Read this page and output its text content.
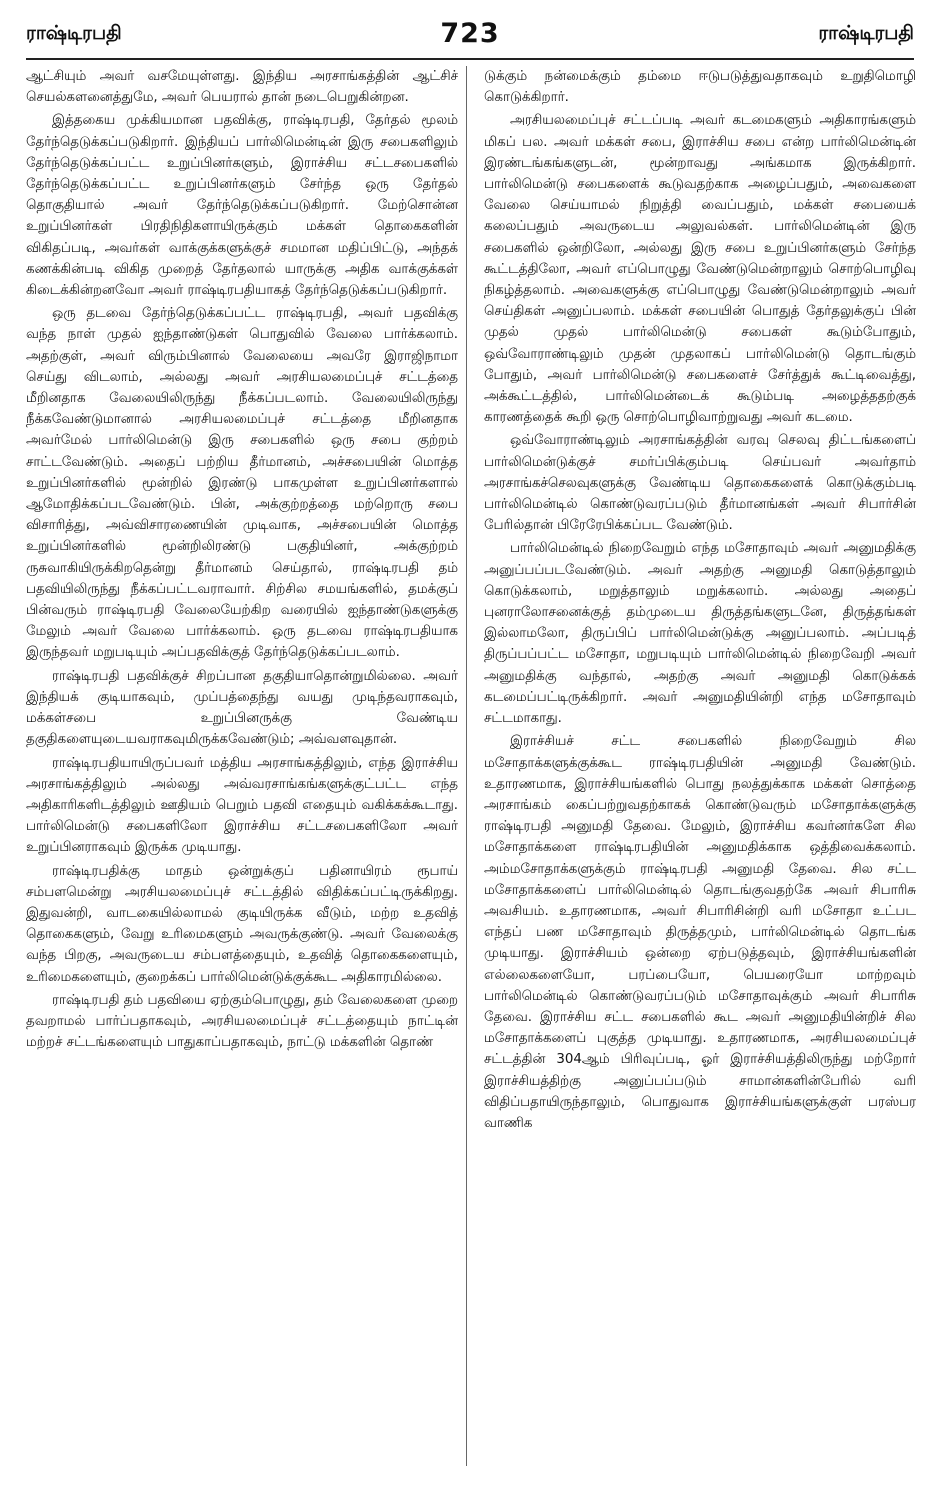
ராஷ்டிரபதி	723	ராஷ்டிரபதி

ஆட்சியும் அவர் வசமேயுள்ளது. இந்திய அரசாங்கத்தின் ஆட்சிச் செயல்களனைத்துமே, அவர் பெயரால் தான் நடைபெறுகின்றன.

இத்தகைய முக்கியமான பதவிக்கு, ராஷ்டிரபதி, தேர்தல் மூலம் தேர்ந்தெடுக்கப்படுகிறார். இந்தியப் பார்லிமென்டின் இரு சபைகளிலும் தேர்ந்தெடுக்கப்பட்ட உறுப்பினர்களும், இராச்சிய சட்டசபைகளில் தேர்ந்தெடுக்கப்பட்ட உறுப்பினர்களும் சேர்ந்த ஒரு தேர்தல் தொகுதியால் அவர் தேர்ந்தெடுக்கப்படுகிறார். மேற்சொன்ன உறுப்பினர்கள் பிரதிநிதிகளாயிருக்கும் மக்கள் தொகைகளின் விகிதப்படி, அவர்கள் வாக்குக்களுக்குச் சமமான மதிப்பிட்டு, அந்தக் கணக்கின்படி விகித முறைத் தேர்தலால் யாருக்கு அதிக வாக்குக்கள் கிடைக்கின்றனவோ அவர் ராஷ்டிரபதியாகத் தேர்ந்தெடுக்கப்படுகிறார்.

ஒரு தடவை தேர்ந்தெடுக்கப்பட்ட ராஷ்டிரபதி, அவர் பதவிக்கு வந்த நாள் முதல் ஐந்தாண்டுகள் பொதுவில் வேலை பார்க்கலாம். அதற்குள், அவர் விரும்பினால் வேலையை அவரே இராஜிநாமா செய்து விடலாம், அல்லது அவர் அரசியலமைப்புச் சட்டத்தை மீறினதாக வேலையிலிருந்து நீக்கப்படலாம். வேலையிலிருந்து நீக்கவேண்டுமானால் அரசியலமைப்புச் சட்டத்தை மீறினதாக அவர்மேல் பார்லிமென்டு இரு சபைகளில் ஒரு சபை குற்றம் சாட்டவேண்டும். அதைப் பற்றிய தீர்மானம், அச்சபையின் மொத்த உறுப்பினர்களில் மூன்றில் இரண்டு பாகமுள்ள உறுப்பினர்களால் ஆமோதிக்கப்படவேண்டும். பின், அக்குற்றத்தை மற்றொரு சபை விசாரித்து, அவ்விசாரணையின் முடிவாக, அச்சபையின் மொத்த உறுப்பினர்களில் மூன்றிலிரண்டு பகுதியினர், அக்குற்றம் ருசுவாகியிருக்கிறதென்று தீர்மானம் செய்தால், ராஷ்டிரபதி தம் பதவியிலிருந்து நீக்கப்பட்டவராவார். சிற்சில சமயங்களில், தமக்குப் பின்வரும் ராஷ்டிரபதி வேலையேற்கிற வரையில் ஐந்தாண்டுகளுக்கு மேலும் அவர் வேலை பார்க்கலாம். ஒரு தடவை ராஷ்டிரபதியாக இருந்தவர் மறுபடியும் அப்பதவிக்குத் தேர்ந்தெடுக்கப்படலாம்.

ராஷ்டிரபதி பதவிக்குச் சிறப்பான தகுதியாதொன்றுமில்லை. அவர் இந்தியக் குடியாகவும், முப்பத்தைந்து வயது முடிந்தவராகவும், மக்கள்சபை உறுப்பினருக்கு வேண்டிய தகுதிகளையுடையவராகவுமிருக்கவேண்டும்; அவ்வளவுதான்.

ராஷ்டிரபதியாயிருப்பவர் மத்திய அரசாங்கத்திலும், எந்த இராச்சிய அரசாங்கத்திலும் அல்லது அவ்வரசாங்கங்களுக்குட்பட்ட எந்த அதிகாரிகளிடத்திலும் ஊதியம் பெறும் பதவி எதையும் வகிக்கக்கூடாது. பார்லிமென்டு சபைகளிலோ இராச்சிய சட்டசபைகளிலோ அவர் உறுப்பினராகவும் இருக்க முடியாது.

ராஷ்டிரபதிக்கு மாதம் ஒன்றுக்குப் பதினாயிரம் ரூபாய் சம்பளமென்று அரசியலமைப்புச் சட்டத்தில் விதிக்கப்பட்டிருக்கிறது. இதுவன்றி, வாடகையில்லாமல் குடியிருக்க வீடும், மற்ற உதவித் தொகைகளும், வேறு உரிமைகளும் அவருக்குண்டு. அவர் வேலைக்கு வந்த பிறகு, அவருடைய சம்பளத்தையும், உதவித் தொகைகளையும், உரிமைகளையும், குறைக்கப் பார்லிமென்டுக்குக்கூட அதிகாரமில்லை.

ராஷ்டிரபதி தம் பதவியை ஏற்கும்பொழுது, தம் வேலைகளை முறை தவறாமல் பார்ப்பதாகவும், அரசியலமைப்புச் சட்டத்தையும் நாட்டின் மற்றச் சட்டங்களையும் பாதுகாப்பதாகவும், நாட்டு மக்களின் தொண்

டுக்கும் நன்மைக்கும் தம்மை ஈடுபடுத்துவதாகவும் உறுதிமொழி கொடுக்கிறார்.

அரசியலமைப்புச் சட்டப்படி அவர் கடமைகளும் அதிகாரங்களும் மிகப் பல. அவர் மக்கள் சபை, இராச்சிய சபை என்ற பார்லிமென்டின் இரண்டங்கங்களுடன், மூன்றாவது அங்கமாக இருக்கிறார். பார்லிமென்டு சபைகளைக் கூடுவதற்காக அழைப்பதும், அவைகளை வேலை செய்யாமல் நிறுத்தி வைப்பதும், மக்கள் சபையைக் கலைப்பதும் அவருடைய அலுவல்கள். பார்லிமென்டின் இரு சபைகளில் ஒன்றிலோ, அல்லது இரு சபை உறுப்பினர்களும் சேர்ந்த கூட்டத்திலோ, அவர் எப்பொழுது வேண்டுமென்றாலும் சொற்பொழிவு நிகழ்த்தலாம். அவைகளுக்கு எப்பொழுது வேண்டுமென்றாலும் அவர் செய்திகள் அனுப்பலாம். மக்கள் சபையின் பொதுத் தேர்தலுக்குப் பின் முதல் முதல் பார்லிமென்டு சபைகள் கூடும்போதும், ஒவ்வோராண்டிலும் முதன் முதலாகப் பார்லிமென்டு தொடங்கும் போதும், அவர் பார்லிமென்டு சபைகளைச் சேர்த்துக் கூட்டிவைத்து, அக்கூட்டத்தில், பார்லிமென்டைக் கூடும்படி அழைத்ததற்குக் காரணத்தைக் கூறி ஒரு சொற்பொழிவாற்றுவது அவர் கடமை.

ஒவ்வோராண்டிலும் அரசாங்கத்தின் வரவு செலவு திட்டங்களைப் பார்லிமென்டுக்குச் சமர்ப்பிக்கும்படி செய்பவர் அவர்தாம் அரசாங்கச்செலவுகளுக்கு வேண்டிய தொகைகளைக் கொடுக்கும்படி பார்லிமென்டில் கொண்டுவரப்படும் தீர்மானங்கள் அவர் சிபார்சின் பேரில்தான் பிரேரேபிக்கப்பட வேண்டும்.

பார்லிமென்டில் நிறைவேறும் எந்த மசோதாவும் அவர் அனுமதிக்கு அனுப்பப்படவேண்டும். அவர் அதற்கு அனுமதி கொடுத்தாலும் கொடுக்கலாம், மறுத்தாலும் மறுக்கலாம். அல்லது அதைப் புனராலோசனைக்குத் தம்முடைய திருத்தங்களுடனே, திருத்தங்கள் இல்லாமலோ, திருப்பிப் பார்லிமென்டுக்கு அனுப்பலாம். அப்படித் திருப்பப்பட்ட மசோதா, மறுபடியும் பார்லிமென்டில் நிறைவேறி அவர் அனுமதிக்கு வந்தால், அதற்கு அவர் அனுமதி கொடுக்கக் கடமைப்பட்டிருக்கிறார். அவர் அனுமதியின்றி எந்த மசோதாவும் சட்டமாகாது.

இராச்சியச் சட்ட சபைகளில் நிறைவேறும் சில மசோதாக்களுக்குக்கூட ராஷ்டிரபதியின் அனுமதி வேண்டும். உதாரணமாக, இராச்சியங்களில் பொது நலத்துக்காக மக்கள் சொத்தை அரசாங்கம் கைப்பற்றுவதற்காகக் கொண்டுவரும் மசோதாக்களுக்கு ராஷ்டிரபதி அனுமதி தேவை. மேலும், இராச்சிய கவர்னர்களே சில மசோதாக்களை ராஷ்டிரபதியின் அனுமதிக்காக ஒத்திவைக்கலாம். அம்மசோதாக்களுக்கும் ராஷ்டிரபதி அனுமதி தேவை. சில சட்ட மசோதாக்களைப் பார்லிமென்டில் தொடங்குவதற்கே அவர் சிபாரிசு அவசியம். உதாரணமாக, அவர் சிபாரிசின்றி வரி மசோதா உட்பட எந்தப் பண மசோதாவும் திருத்தமும், பார்லிமென்டில் தொடங்க முடியாது. இராச்சியம் ஒன்றை ஏற்படுத்தவும், இராச்சியங்களின் எல்லைகளையோ, பரப்பையோ, பெயரையோ மாற்றவும் பார்லிமென்டில் கொண்டுவரப்படும் மசோதாவுக்கும் அவர் சிபாரிசு தேவை. இராச்சிய சட்ட சபைகளில் கூட அவர் அனுமதியின்றிச் சில மசோதாக்களைப் புகுத்த முடியாது. உதாரணமாக, அரசியலமைப்புச் சட்டத்தின் 304ஆம் பிரிவுப்படி, ஓர் இராச்சியத்திலிருந்து மற்றோர் இராச்சியத்திற்கு அனுப்பப்படும் சாமான்களின்பேரில் வரி விதிப்பதாயிருந்தாலும், பொதுவாக இராச்சியங்களுக்குள் பரஸ்பர வாணிக
